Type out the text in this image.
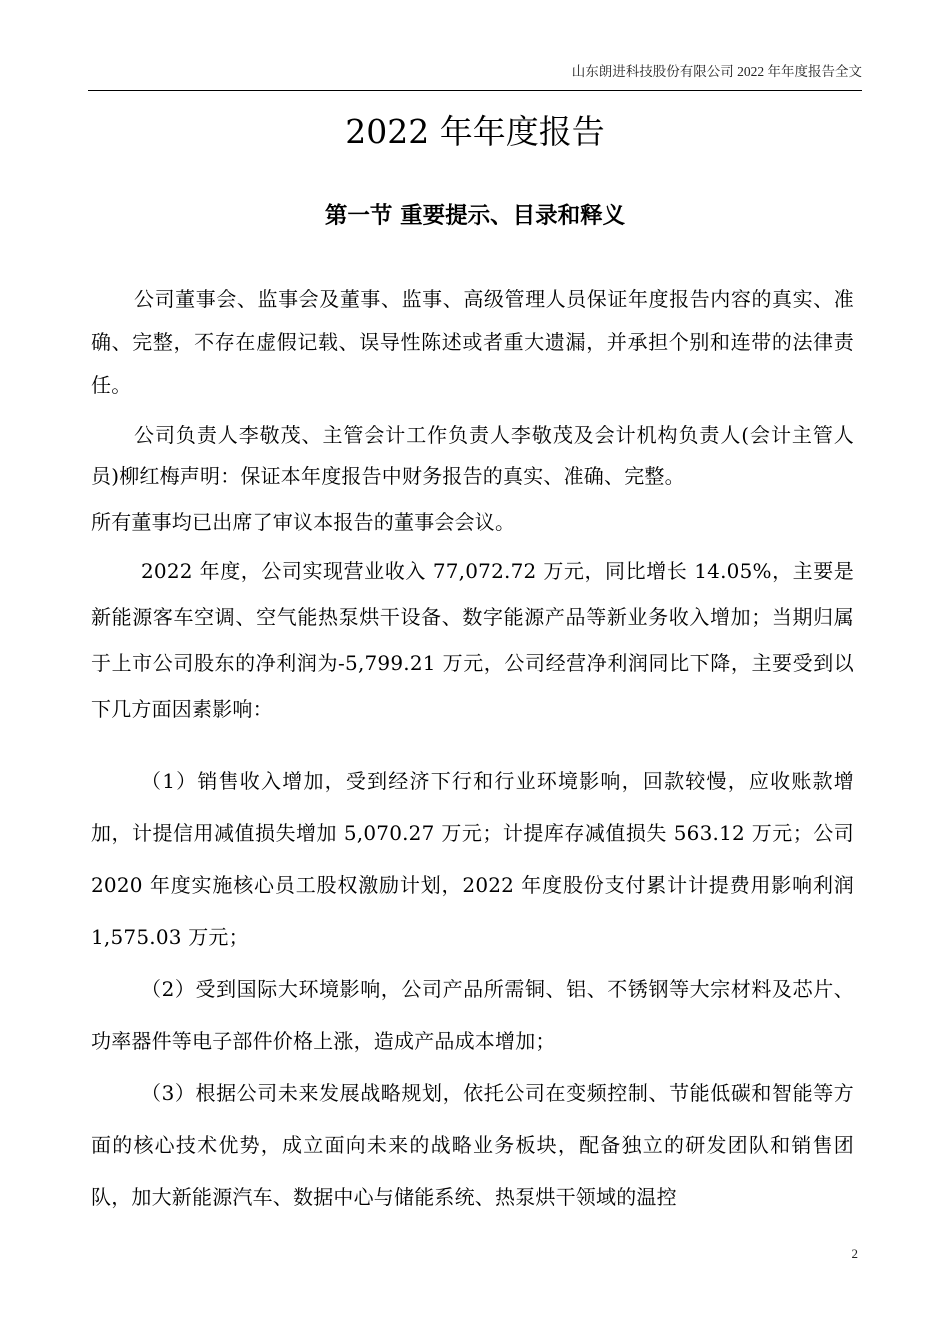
山东朗进科技股份有限公司 2022 年年度报告全文
2022 年年度报告
第一节 重要提示、目录和释义

公司董事会、监事会及董事、监事、高级管理人员保证年度报告内容的真实、准确、完整，不存在虚假记载、误导性陈述或者重大遗漏，并承担个别和连带的法律责任。

公司负责人李敬茂、主管会计工作负责人李敬茂及会计机构负责人(会计主管人员)柳红梅声明：保证本年度报告中财务报告的真实、准确、完整。

所有董事均已出席了审议本报告的董事会会议。

2022 年度，公司实现营业收入 77,072.72 万元，同比增长 14.05%，主要是新能源客车空调、空气能热泵烘干设备、数字能源产品等新业务收入增加；当期归属于上市公司股东的净利润为-5,799.21 万元，公司经营净利润同比下降，主要受到以下几方面因素影响：

（1）销售收入增加，受到经济下行和行业环境影响，回款较慢，应收账款增加，计提信用减值损失增加 5,070.27 万元；计提库存减值损失 563.12 万元；公司 2020 年度实施核心员工股权激励计划，2022 年度股份支付累计计提费用影响利润 1,575.03 万元；

（2）受到国际大环境影响，公司产品所需铜、铝、不锈钢等大宗材料及芯片、功率器件等电子部件价格上涨，造成产品成本增加；

（3）根据公司未来发展战略规划，依托公司在变频控制、节能低碳和智能等方面的核心技术优势，成立面向未来的战略业务板块，配备独立的研发团队和销售团队，加大新能源汽车、数据中心与储能系统、热泵烘干领域的温控

2
